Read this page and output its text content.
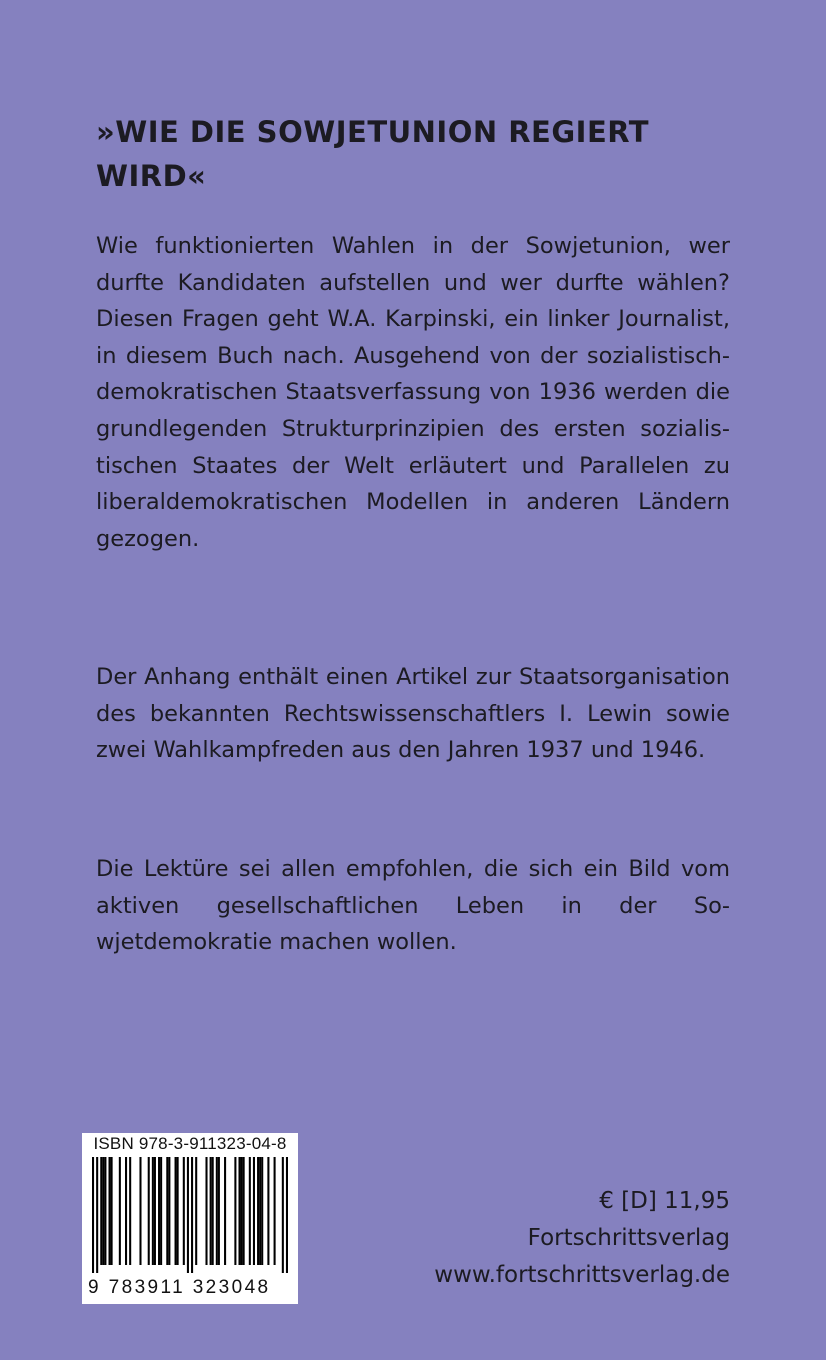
»WIE DIE SOWJETUNION REGIERT WIRD«

Wie funktionierten Wahlen in der Sowjetunion, wer durfte Kandidaten aufstellen und wer durfte wählen? Diesen Fragen geht W.A. Karpinski, ein linker Journalist, in diesem Buch nach. Ausgehend von der sozialistisch-demokratischen Staatsverfassung von 1936 werden die grundlegenden Strukturprinzipien des ersten sozialistischen Staates der Welt erläutert und Parallelen zu liberaldemokratischen Modellen in anderen Ländern gezogen.

Der Anhang enthält einen Artikel zur Staatsorganisation des bekannten Rechtswissenschaftlers I. Lewin sowie zwei Wahlkampfreden aus den Jahren 1937 und 1946.

Die Lektüre sei allen empfohlen, die sich ein Bild vom aktiven gesellschaftlichen Leben in der Sowjetdemokratie machen wollen.

ISBN 978-3-911323-04-8
9 783911 323048
€ [D] 11,95
Fortschrittsverlag
www.fortschrittsverlag.de
